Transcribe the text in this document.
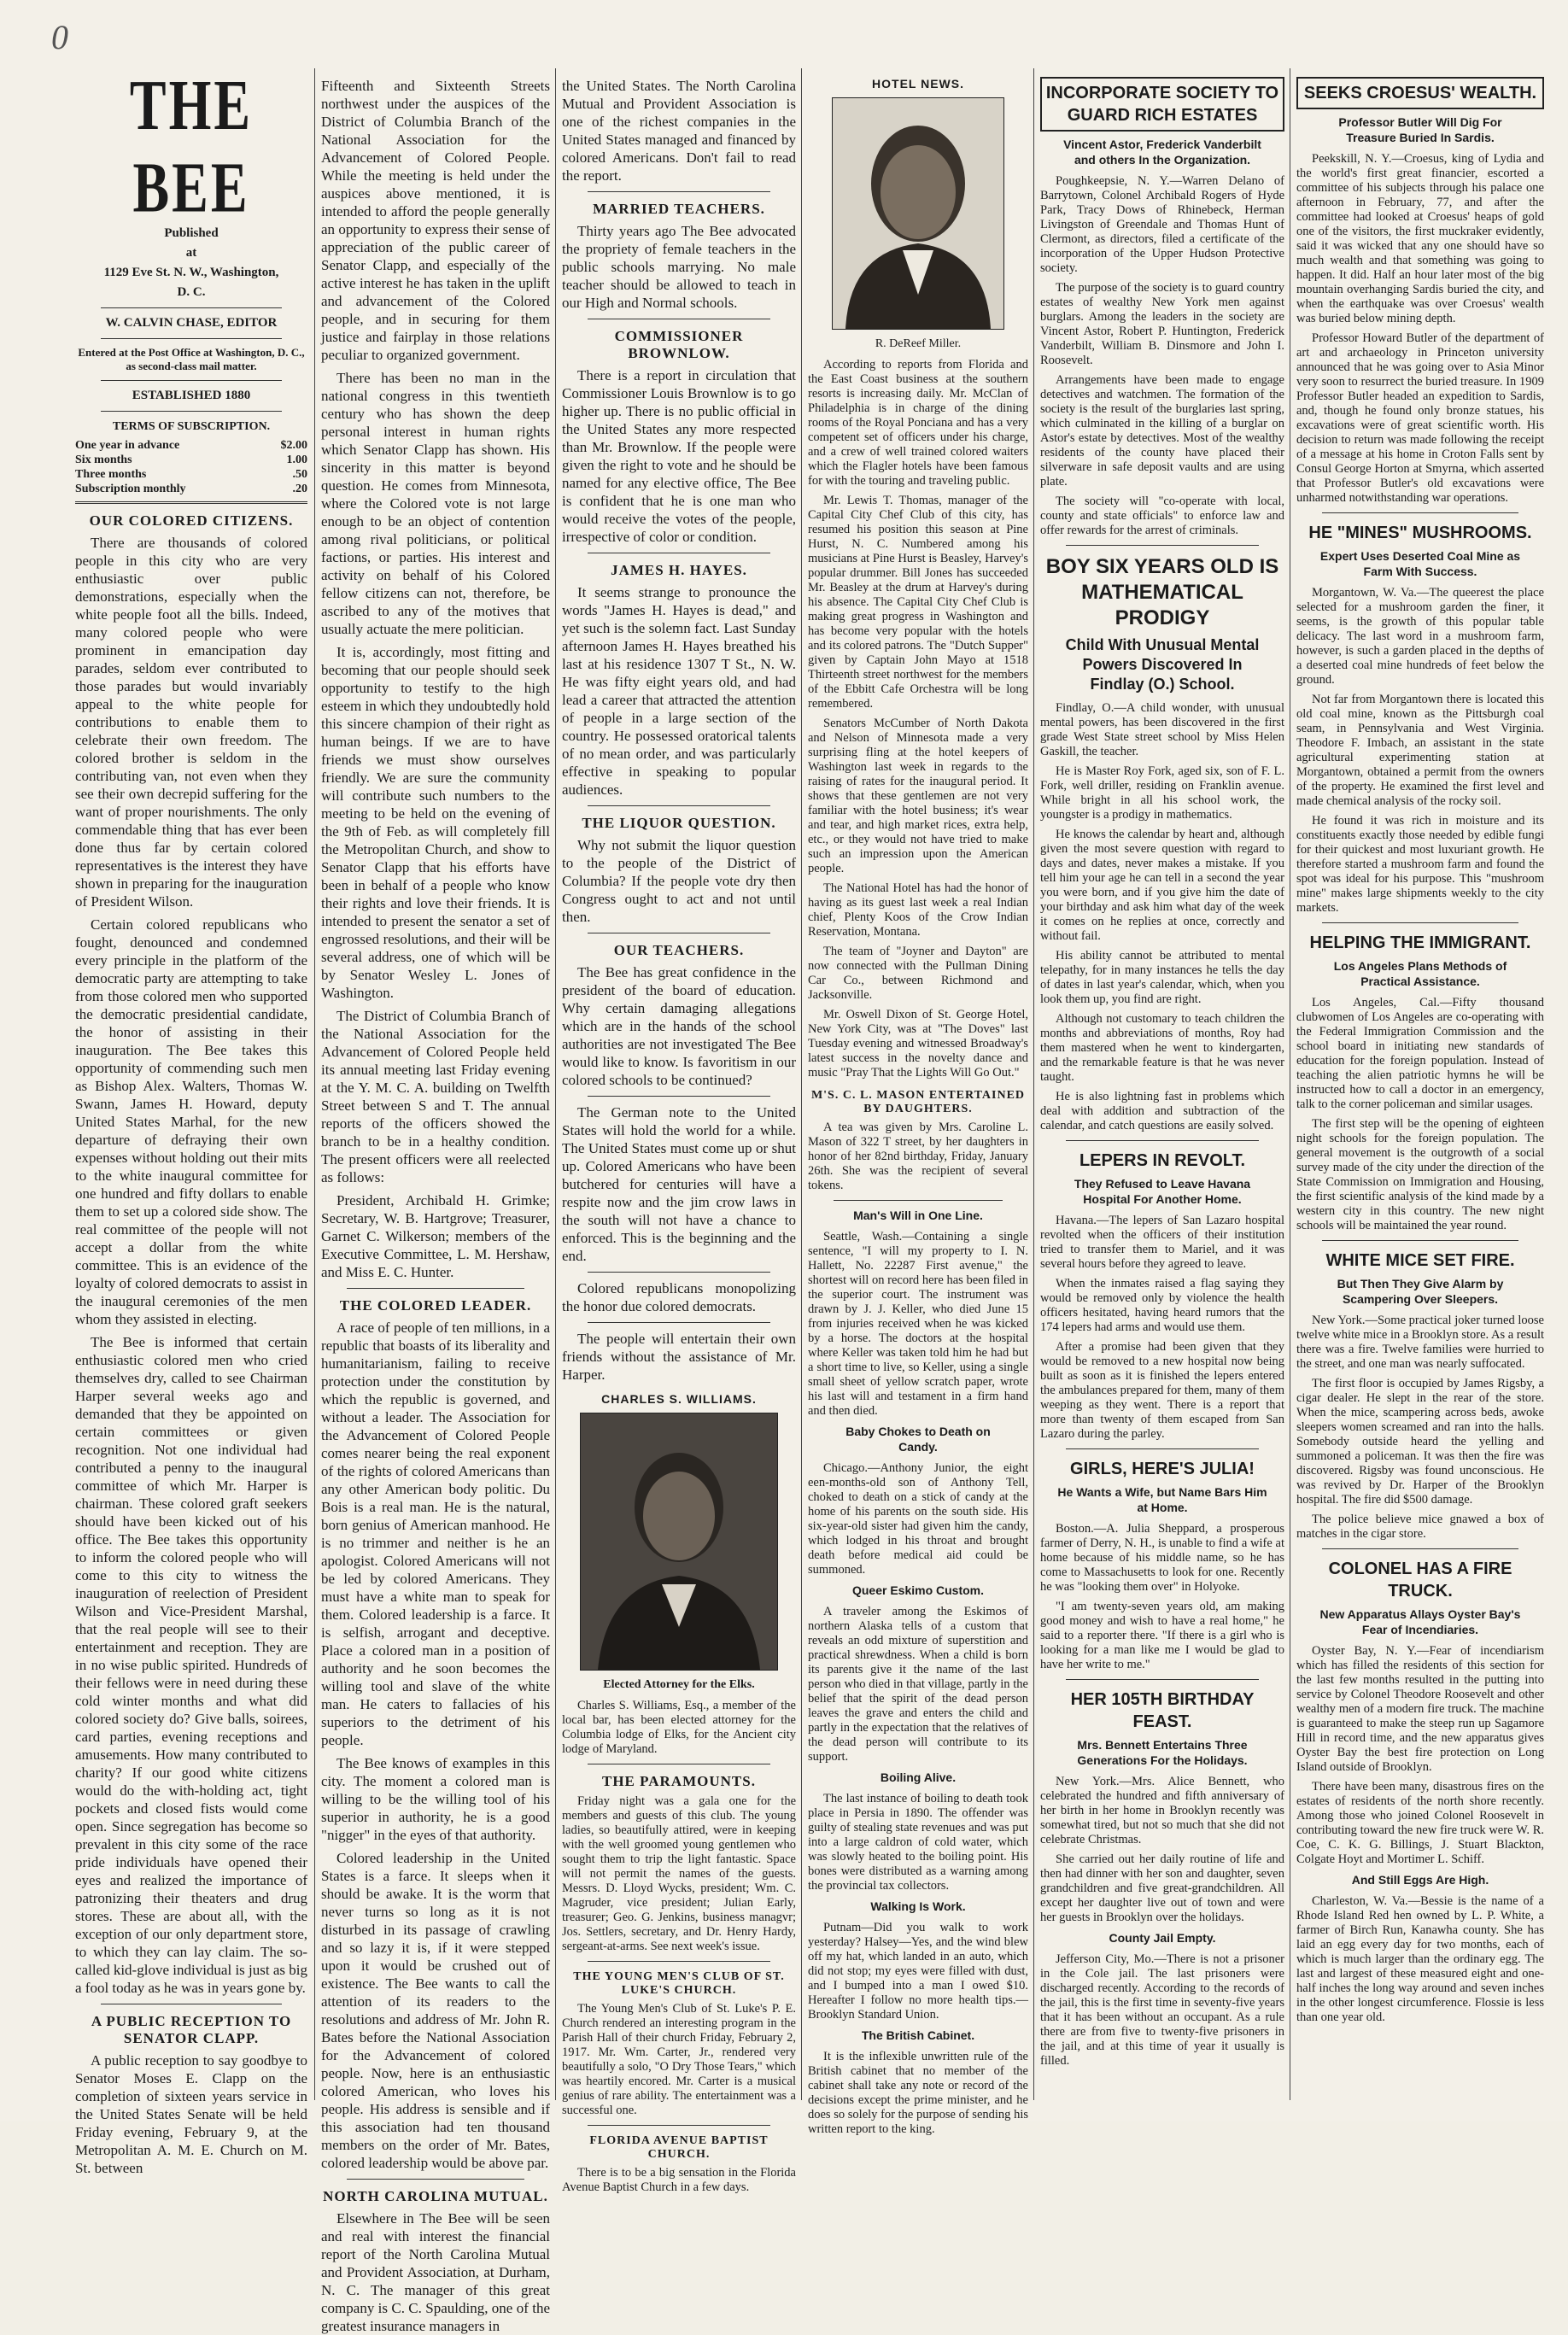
0
THE BEE
Published
at
1129 Eve St. N. W., Washington,
D. C.
W. CALVIN CHASE, EDITOR
Entered at the Post Office at Washington, D. C., as second-class mail matter.
ESTABLISHED 1880
TERMS OF SUBSCRIPTION.
One year in advance	$2.00
Six months	1.00
Three months	.50
Subscription monthly	.20
OUR COLORED CITIZENS.

There are thousands of colored people in this city who are very enthusiastic over public demonstrations, especially when the white people foot all the bills. Indeed, many colored people who were prominent in emancipation day parades, seldom ever contributed to those parades but would invariably appeal to the white people for contributions to enable them to celebrate their own freedom. The colored brother is seldom in the contributing van, not even when they see their own decrepid suffering for the want of proper nourishments. The only commendable thing that has ever been done thus far by certain colored representatives is the interest they have shown in preparing for the inauguration of President Wilson.

Certain colored republicans who fought, denounced and condemned every principle in the platform of the democratic party are attempting to take from those colored men who supported the democratic presidential candidate, the honor of assisting in their inauguration. The Bee takes this opportunity of commending such men as Bishop Alex. Walters, Thomas W. Swann, James H. Howard, deputy United States Marhal, for the new departure of defraying their own expenses without holding out their mits to the white inaugural committee for one hundred and fifty dollars to enable them to set up a colored side show. The real committee of the people will not accept a dollar from the white committee. This is an evidence of the loyalty of colored democrats to assist in the inaugural ceremonies of the men whom they assisted in electing.

The Bee is informed that certain enthusiastic colored men who cried themselves dry, called to see Chairman Harper several weeks ago and demanded that they be appointed on certain committees or given recognition. Not one individual had contributed a penny to the inaugural committee of which Mr. Harper is chairman. These colored graft seekers should have been kicked out of his office. The Bee takes this opportunity to inform the colored people who will come to this city to witness the inauguration of reelection of President Wilson and Vice-President Marshal, that the real people will see to their entertainment and reception. They are in no wise public spirited. Hundreds of their fellows were in need during these cold winter months and what did colored society do? Give balls, soirees, card parties, evening receptions and amusements. How many contributed to charity? If our good white citizens would do the with-holding act, tight pockets and closed fists would come open. Since segregation has become so prevalent in this city some of the race pride individuals have opened their eyes and realized the importance of patronizing their theaters and drug stores. These are about all, with the exception of our only department store, to which they can lay claim. The so-called kid-glove individual is just as big a fool today as he was in years gone by.

A PUBLIC RECEPTION TO SENATOR CLAPP.

A public reception to say goodbye to Senator Moses E. Clapp on the completion of sixteen years service in the United States Senate will be held Friday evening, February 9, at the Metropolitan A. M. E. Church on M. St. between

Fifteenth and Sixteenth Streets northwest under the auspices of the District of Columbia Branch of the National Association for the Advancement of Colored People. While the meeting is held under the auspices above mentioned, it is intended to afford the people generally an opportunity to express their sense of appreciation of the public career of Senator Clapp, and especially of the active interest he has taken in the uplift and advancement of the Colored people, and in securing for them justice and fairplay in those relations peculiar to organized government.

There has been no man in the national congress in this twentieth century who has shown the deep personal interest in human rights which Senator Clapp has shown. His sincerity in this matter is beyond question. He comes from Minnesota, where the Colored vote is not large enough to be an object of contention among rival politicians, or political factions, or parties. His interest and activity on behalf of his Colored fellow citizens can not, therefore, be ascribed to any of the motives that usually actuate the mere politician.

It is, accordingly, most fitting and becoming that our people should seek opportunity to testify to the high esteem in which they undoubtedly hold this sincere champion of their right as human beings. If we are to have friends we must show ourselves friendly. We are sure the community will contribute such numbers to the meeting to be held on the evening of the 9th of Feb. as will completely fill the Metropolitan Church, and show to Senator Clapp that his efforts have been in behalf of a people who know their rights and love their friends. It is intended to present the senator a set of engrossed resolutions, and their will be several address, one of which will be by Senator Wesley L. Jones of Washington.

The District of Columbia Branch of the National Association for the Advancement of Colored People held its annual meeting last Friday evening at the Y. M. C. A. building on Twelfth Street between S and T. The annual reports of the officers showed the branch to be in a healthy condition. The present officers were all reelected as follows:

President, Archibald H. Grimke; Secretary, W. B. Hartgrove; Treasurer, Garnet C. Wilkerson; members of the Executive Committee, L. M. Hershaw, and Miss E. C. Hunter.

THE COLORED LEADER.

A race of people of ten millions, in a republic that boasts of its liberality and humanitarianism, failing to receive protection under the constitution by which the republic is governed, and without a leader. The Association for the Advancement of Colored People comes nearer being the real exponent of the rights of colored Americans than any other American body politic. Du Bois is a real man. He is the natural, born genius of American manhood. He is no trimmer and neither is he an apologist. Colored Americans will not be led by colored Americans. They must have a white man to speak for them. Colored leadership is a farce. It is selfish, arrogant and deceptive. Place a colored man in a position of authority and he soon becomes the willing tool and slave of the white man. He caters to fallacies of his superiors to the detriment of his people.

The Bee knows of examples in this city. The moment a colored man is willing to be the willing tool of his superior in authority, he is a good "nigger" in the eyes of that authority.

Colored leadership in the United States is a farce. It sleeps when it should be awake. It is the worm that never turns so long as it is not disturbed in its passage of crawling and so lazy it is, if it were stepped upon it would be crushed out of existence. The Bee wants to call the attention of its readers to the resolutions and address of Mr. John R. Bates before the National Association for the Advancement of colored people. Now, here is an enthusiastic colored American, who loves his people. His address is sensible and if this association had ten thousand members on the order of Mr. Bates, colored leadership would be above par.

NORTH CAROLINA MUTUAL.

Elsewhere in The Bee will be seen and real with interest the financial report of the North Carolina Mutual and Provident Association, at Durham, N. C. The manager of this great company is C. C. Spaulding, one of the greatest insurance managers in

the United States. The North Carolina Mutual and Provident Association is one of the richest companies in the United States managed and financed by colored Americans. Don't fail to read the report.

MARRIED TEACHERS.

Thirty years ago The Bee advocated the propriety of female teachers in the public schools marrying. No male teacher should be allowed to teach in our High and Normal schools.

COMMISSIONER BROWNLOW.

There is a report in circulation that Commissioner Louis Brownlow is to go higher up. There is no public official in the United States any more respected than Mr. Brownlow. If the people were given the right to vote and he should be named for any elective office, The Bee is confident that he is one man who would receive the votes of the people, irrespective of color or condition.

JAMES H. HAYES.

It seems strange to pronounce the words "James H. Hayes is dead," and yet such is the solemn fact. Last Sunday afternoon James H. Hayes breathed his last at his residence 1307 T St., N. W. He was fifty eight years old, and had lead a career that attracted the attention of people in a large section of the country. He possessed oratorical talents of no mean order, and was particularly effective in speaking to popular audiences.

THE LIQUOR QUESTION.

Why not submit the liquor question to the people of the District of Columbia? If the people vote dry then Congress ought to act and not until then.

OUR TEACHERS.

The Bee has great confidence in the president of the board of education. Why certain damaging allegations which are in the hands of the school authorities are not investigated The Bee would like to know. Is favoritism in our colored schools to be continued?

The German note to the United States will hold the world for a while. The United States must come up or shut up. Colored Americans who have been butchered for centuries will have a respite now and the jim crow laws in the south will not have a chance to enforced. This is the beginning and the end.

Colored republicans monopolizing the honor due colored democrats.

The people will entertain their own friends without the assistance of Mr. Harper.

CHARLES S. WILLIAMS.
Elected Attorney for the Elks.

Charles S. Williams, Esq., a member of the local bar, has been elected attorney for the Columbia lodge of Elks, for the Ancient city lodge of Maryland.

THE PARAMOUNTS.

Friday night was a gala one for the members and guests of this club. The young ladies, so beautifully attired, were in keeping with the well groomed young gentlemen who sought them to trip the light fantastic. Space will not permit the names of the guests. Messrs. D. Lloyd Wycks, president; Wm. C. Magruder, vice president; Julian Early, treasurer; Geo. G. Jenkins, business managvr; Jos. Settlers, secretary, and Dr. Henry Hardy, sergeant-at-arms. See next week's issue.

THE YOUNG MEN'S CLUB OF ST. LUKE'S CHURCH.

The Young Men's Club of St. Luke's P. E. Church rendered an interesting program in the Parish Hall of their church Friday, February 2, 1917. Mr. Wm. Carter, Jr., rendered very beautifully a solo, "O Dry Those Tears," which was heartily encored. Mr. Carter is a musical genius of rare ability. The entertainment was a successful one.

FLORIDA AVENUE BAPTIST CHURCH.

There is to be a big sensation in the Florida Avenue Baptist Church in a few days.

HOTEL NEWS.
R. DeReef Miller.

According to reports from Florida and the East Coast business at the southern resorts is increasing daily. Mr. McClan of Philadelphia is in charge of the dining rooms of the Royal Ponciana and has a very competent set of officers under his charge, and a crew of well trained colored waiters which the Flagler hotels have been famous for with the touring and traveling public.

Mr. Lewis T. Thomas, manager of the Capital City Chef Club of this city, has resumed his position this season at Pine Hurst, N. C. Numbered among his musicians at Pine Hurst is Beasley, Harvey's popular drummer. Bill Jones has succeeded Mr. Beasley at the drum at Harvey's during his absence. The Capital City Chef Club is making great progress in Washington and has become very popular with the hotels and its colored patrons. The "Dutch Supper" given by Captain John Mayo at 1518 Thirteenth street northwest for the members of the Ebbitt Cafe Orchestra will be long remembered.

Senators McCumber of North Dakota and Nelson of Minnesota made a very surprising fling at the hotel keepers of Washington last week in regards to the raising of rates for the inaugural period. It shows that these gentlemen are not very familiar with the hotel business; it's wear and tear, and high market rices, extra help, etc., or they would not have tried to make such an impression upon the American people.

The National Hotel has had the honor of having as its guest last week a real Indian chief, Plenty Koos of the Crow Indian Reservation, Montana.

The team of "Joyner and Dayton" are now connected with the Pullman Dining Car Co., between Richmond and Jacksonville.

Mr. Oswell Dixon of St. George Hotel, New York City, was at "The Doves" last Tuesday evening and witnessed Broadway's latest success in the novelty dance and music "Pray That the Lights Will Go Out."

M'S. C. L. MASON ENTERTAINED BY DAUGHTERS.

A tea was given by Mrs. Caroline L. Mason of 322 T street, by her daughters in honor of her 82nd birthday, Friday, January 26th. She was the recipient of several tokens.

Man's Will in One Line.

Seattle, Wash.—Containing a single sentence, "I will my property to I. N. Hallett, No. 22287 First avenue," the shortest will on record here has been filed in the superior court. The instrument was drawn by J. J. Keller, who died June 15 from injuries received when he was kicked by a horse. The doctors at the hospital where Keller was taken told him he had but a short time to live, so Keller, using a single small sheet of yellow scratch paper, wrote his last will and testament in a firm hand and then died.

Baby Chokes to Death on Candy.

Chicago.—Anthony Junior, the eight een-months-old son of Anthony Tell, choked to death on a stick of candy at the home of his parents on the south side. His six-year-old sister had given him the candy, which lodged in his throat and brought death before medical aid could be summoned.

Queer Eskimo Custom.

A traveler among the Eskimos of northern Alaska tells of a custom that reveals an odd mixture of superstition and practical shrewdness. When a child is born its parents give it the name of the last person who died in that village, partly in the belief that the spirit of the dead person leaves the grave and enters the child and partly in the expectation that the relatives of the dead person will contribute to its support.

Boiling Alive.

The last instance of boiling to death took place in Persia in 1890. The offender was guilty of stealing state revenues and was put into a large caldron of cold water, which was slowly heated to the boiling point. His bones were distributed as a warning among the provincial tax collectors.

Walking Is Work.

Putnam—Did you walk to work yesterday? Halsey—Yes, and the wind blew off my hat, which landed in an auto, which did not stop; my eyes were filled with dust, and I bumped into a man I owed $10. Hereafter I follow no more health tips.—Brooklyn Standard Union.

The British Cabinet.

It is the inflexible unwritten rule of the British cabinet that no member of the cabinet shall take any note or record of the decisions except the prime minister, and he does so solely for the purpose of sending his written report to the king.

INCORPORATE SOCIETY TO GUARD RICH ESTATES
Vincent Astor, Frederick Vanderbilt and others In the Organization.

Poughkeepsie, N. Y.—Warren Delano of Barrytown, Colonel Archibald Rogers of Hyde Park, Tracy Dows of Rhinebeck, Herman Livingston of Greendale and Thomas Hunt of Clermont, as directors, filed a certificate of the incorporation of the Upper Hudson Protective society.

The purpose of the society is to guard country estates of wealthy New York men against burglars. Among the leaders in the society are Vincent Astor, Robert P. Huntington, Frederick Vanderbilt, William B. Dinsmore and John I. Roosevelt.

Arrangements have been made to engage detectives and watchmen. The formation of the society is the result of the burglaries last spring, which culminated in the killing of a burglar on Astor's estate by detectives. Most of the wealthy residents of the county have placed their silverware in safe deposit vaults and are using plate.

The society will "co-operate with local, county and state officials" to enforce law and offer rewards for the arrest of criminals.

BOY SIX YEARS OLD IS MATHEMATICAL PRODIGY
Child With Unusual Mental Powers Discovered In Findlay (O.) School.

Findlay, O.—A child wonder, with unusual mental powers, has been discovered in the first grade West State street school by Miss Helen Gaskill, the teacher.

He is Master Roy Fork, aged six, son of F. L. Fork, well driller, residing on Franklin avenue. While bright in all his school work, the youngster is a prodigy in mathematics.

He knows the calendar by heart and, although given the most severe question with regard to days and dates, never makes a mistake. If you tell him your age he can tell in a second the year you were born, and if you give him the date of your birthday and ask him what day of the week it comes on he replies at once, correctly and without fail.

His ability cannot be attributed to mental telepathy, for in many instances he tells the day of dates in last year's calendar, which, when you look them up, you find are right.

Although not customary to teach children the months and abbreviations of months, Roy had them mastered when he went to kindergarten, and the remarkable feature is that he was never taught.

He is also lightning fast in problems which deal with addition and subtraction of the calendar, and catch questions are easily solved.

LEPERS IN REVOLT.
They Refused to Leave Havana Hospital For Another Home.

Havana.—The lepers of San Lazaro hospital revolted when the officers of their institution tried to transfer them to Mariel, and it was several hours before they agreed to leave.

When the inmates raised a flag saying they would be removed only by violence the health officers hesitated, having heard rumors that the 174 lepers had arms and would use them.

After a promise had been given that they would be removed to a new hospital now being built as soon as it is finished the lepers entered the ambulances prepared for them, many of them weeping as they went. There is a report that more than twenty of them escaped from San Lazaro during the parley.

GIRLS, HERE'S JULIA!
He Wants a Wife, but Name Bars Him at Home.

Boston.—A. Julia Sheppard, a prosperous farmer of Derry, N. H., is unable to find a wife at home because of his middle name, so he has come to Massachusetts to look for one. Recently he was "looking them over" in Holyoke.

"I am twenty-seven years old, am making good money and wish to have a real home," he said to a reporter there. "If there is a girl who is looking for a man like me I would be glad to have her write to me."

HER 105TH BIRTHDAY FEAST.
Mrs. Bennett Entertains Three Generations For the Holidays.

New York.—Mrs. Alice Bennett, who celebrated the hundred and fifth anniversary of her birth in her home in Brooklyn recently was somewhat tired, but not so much that she did not celebrate Christmas.

She carried out her daily routine of life and then had dinner with her son and daughter, seven grandchildren and five great-grandchildren. All except her daughter live out of town and were her guests in Brooklyn over the holidays.

County Jail Empty.

Jefferson City, Mo.—There is not a prisoner in the Cole jail. The last prisoners were discharged recently. According to the records of the jail, this is the first time in seventy-five years that it has been without an occupant. As a rule there are from five to twenty-five prisoners in the jail, and at this time of year it usually is filled.

SEEKS CROESUS' WEALTH.
Professor Butler Will Dig For Treasure Buried In Sardis.

Peekskill, N. Y.—Croesus, king of Lydia and the world's first great financier, escorted a committee of his subjects through his palace one afternoon in February, 77, and after the committee had looked at Croesus' heaps of gold one of the visitors, the first muckraker evidently, said it was wicked that any one should have so much wealth and that something was going to happen. It did. Half an hour later most of the big mountain overhanging Sardis buried the city, and when the earthquake was over Croesus' wealth was buried below mining depth.

Professor Howard Butler of the department of art and archaeology in Princeton university announced that he was going over to Asia Minor very soon to resurrect the buried treasure. In 1909 Professor Butler headed an expedition to Sardis, and, though he found only bronze statues, his excavations were of great scientific worth. His decision to return was made following the receipt of a message at his home in Croton Falls sent by Consul George Horton at Smyrna, which asserted that Professor Butler's old excavations were unharmed notwithstanding war operations.

HE "MINES" MUSHROOMS.
Expert Uses Deserted Coal Mine as Farm With Success.

Morgantown, W. Va.—The queerest the place selected for a mushroom garden the finer, it seems, is the growth of this popular table delicacy. The last word in a mushroom farm, however, is such a garden placed in the depths of a deserted coal mine hundreds of feet below the ground.

Not far from Morgantown there is located this old coal mine, known as the Pittsburgh coal seam, in Pennsylvania and West Virginia. Theodore F. Imbach, an assistant in the state agricultural experimenting station at Morgantown, obtained a permit from the owners of the property. He examined the first level and made chemical analysis of the rocky soil.

He found it was rich in moisture and its constituents exactly those needed by edible fungi for their quickest and most luxuriant growth. He therefore started a mushroom farm and found the spot was ideal for his purpose. This "mushroom mine" makes large shipments weekly to the city markets.

HELPING THE IMMIGRANT.
Los Angeles Plans Methods of Practical Assistance.

Los Angeles, Cal.—Fifty thousand clubwomen of Los Angeles are co-operating with the Federal Immigration Commission and the school board in initiating new standards of education for the foreign population. Instead of teaching the alien patriotic hymns he will be instructed how to call a doctor in an emergency, talk to the corner policeman and similar usages.

The first step will be the opening of eighteen night schools for the foreign population. The general movement is the outgrowth of a social survey made of the city under the direction of the State Commission on Immigration and Housing, the first scientific analysis of the kind made by a western city in this country. The new night schools will be maintained the year round.

WHITE MICE SET FIRE.
But Then They Give Alarm by Scampering Over Sleepers.

New York.—Some practical joker turned loose twelve white mice in a Brooklyn store. As a result there was a fire. Twelve families were hurried to the street, and one man was nearly suffocated.

The first floor is occupied by James Rigsby, a cigar dealer. He slept in the rear of the store. When the mice, scampering across beds, awoke sleepers women screamed and ran into the halls. Somebody outside heard the yelling and summoned a policeman. It was then the fire was discovered. Rigsby was found unconscious. He was revived by Dr. Harper of the Brooklyn hospital. The fire did $500 damage.

The police believe mice gnawed a box of matches in the cigar store.

COLONEL HAS A FIRE TRUCK.
New Apparatus Allays Oyster Bay's Fear of Incendiaries.

Oyster Bay, N. Y.—Fear of incendiarism which has filled the residents of this section for the last few months resulted in the putting into service by Colonel Theodore Roosevelt and other wealthy men of a modern fire truck. The machine is guaranteed to make the steep run up Sagamore Hill in record time, and the new apparatus gives Oyster Bay the best fire protection on Long Island outside of Brooklyn.

There have been many, disastrous fires on the estates of residents of the north shore recently. Among those who joined Colonel Roosevelt in contributing toward the new fire truck were W. R. Coe, C. K. G. Billings, J. Stuart Blackton, Colgate Hoyt and Mortimer L. Schiff.

And Still Eggs Are High.

Charleston, W. Va.—Bessie is the name of a Rhode Island Red hen owned by L. P. White, a farmer of Birch Run, Kanawha county. She has laid an egg every day for two months, each of which is much larger than the ordinary egg. The last and largest of these measured eight and one-half inches the long way around and seven inches in the other longest circumference. Flossie is less than one year old.
